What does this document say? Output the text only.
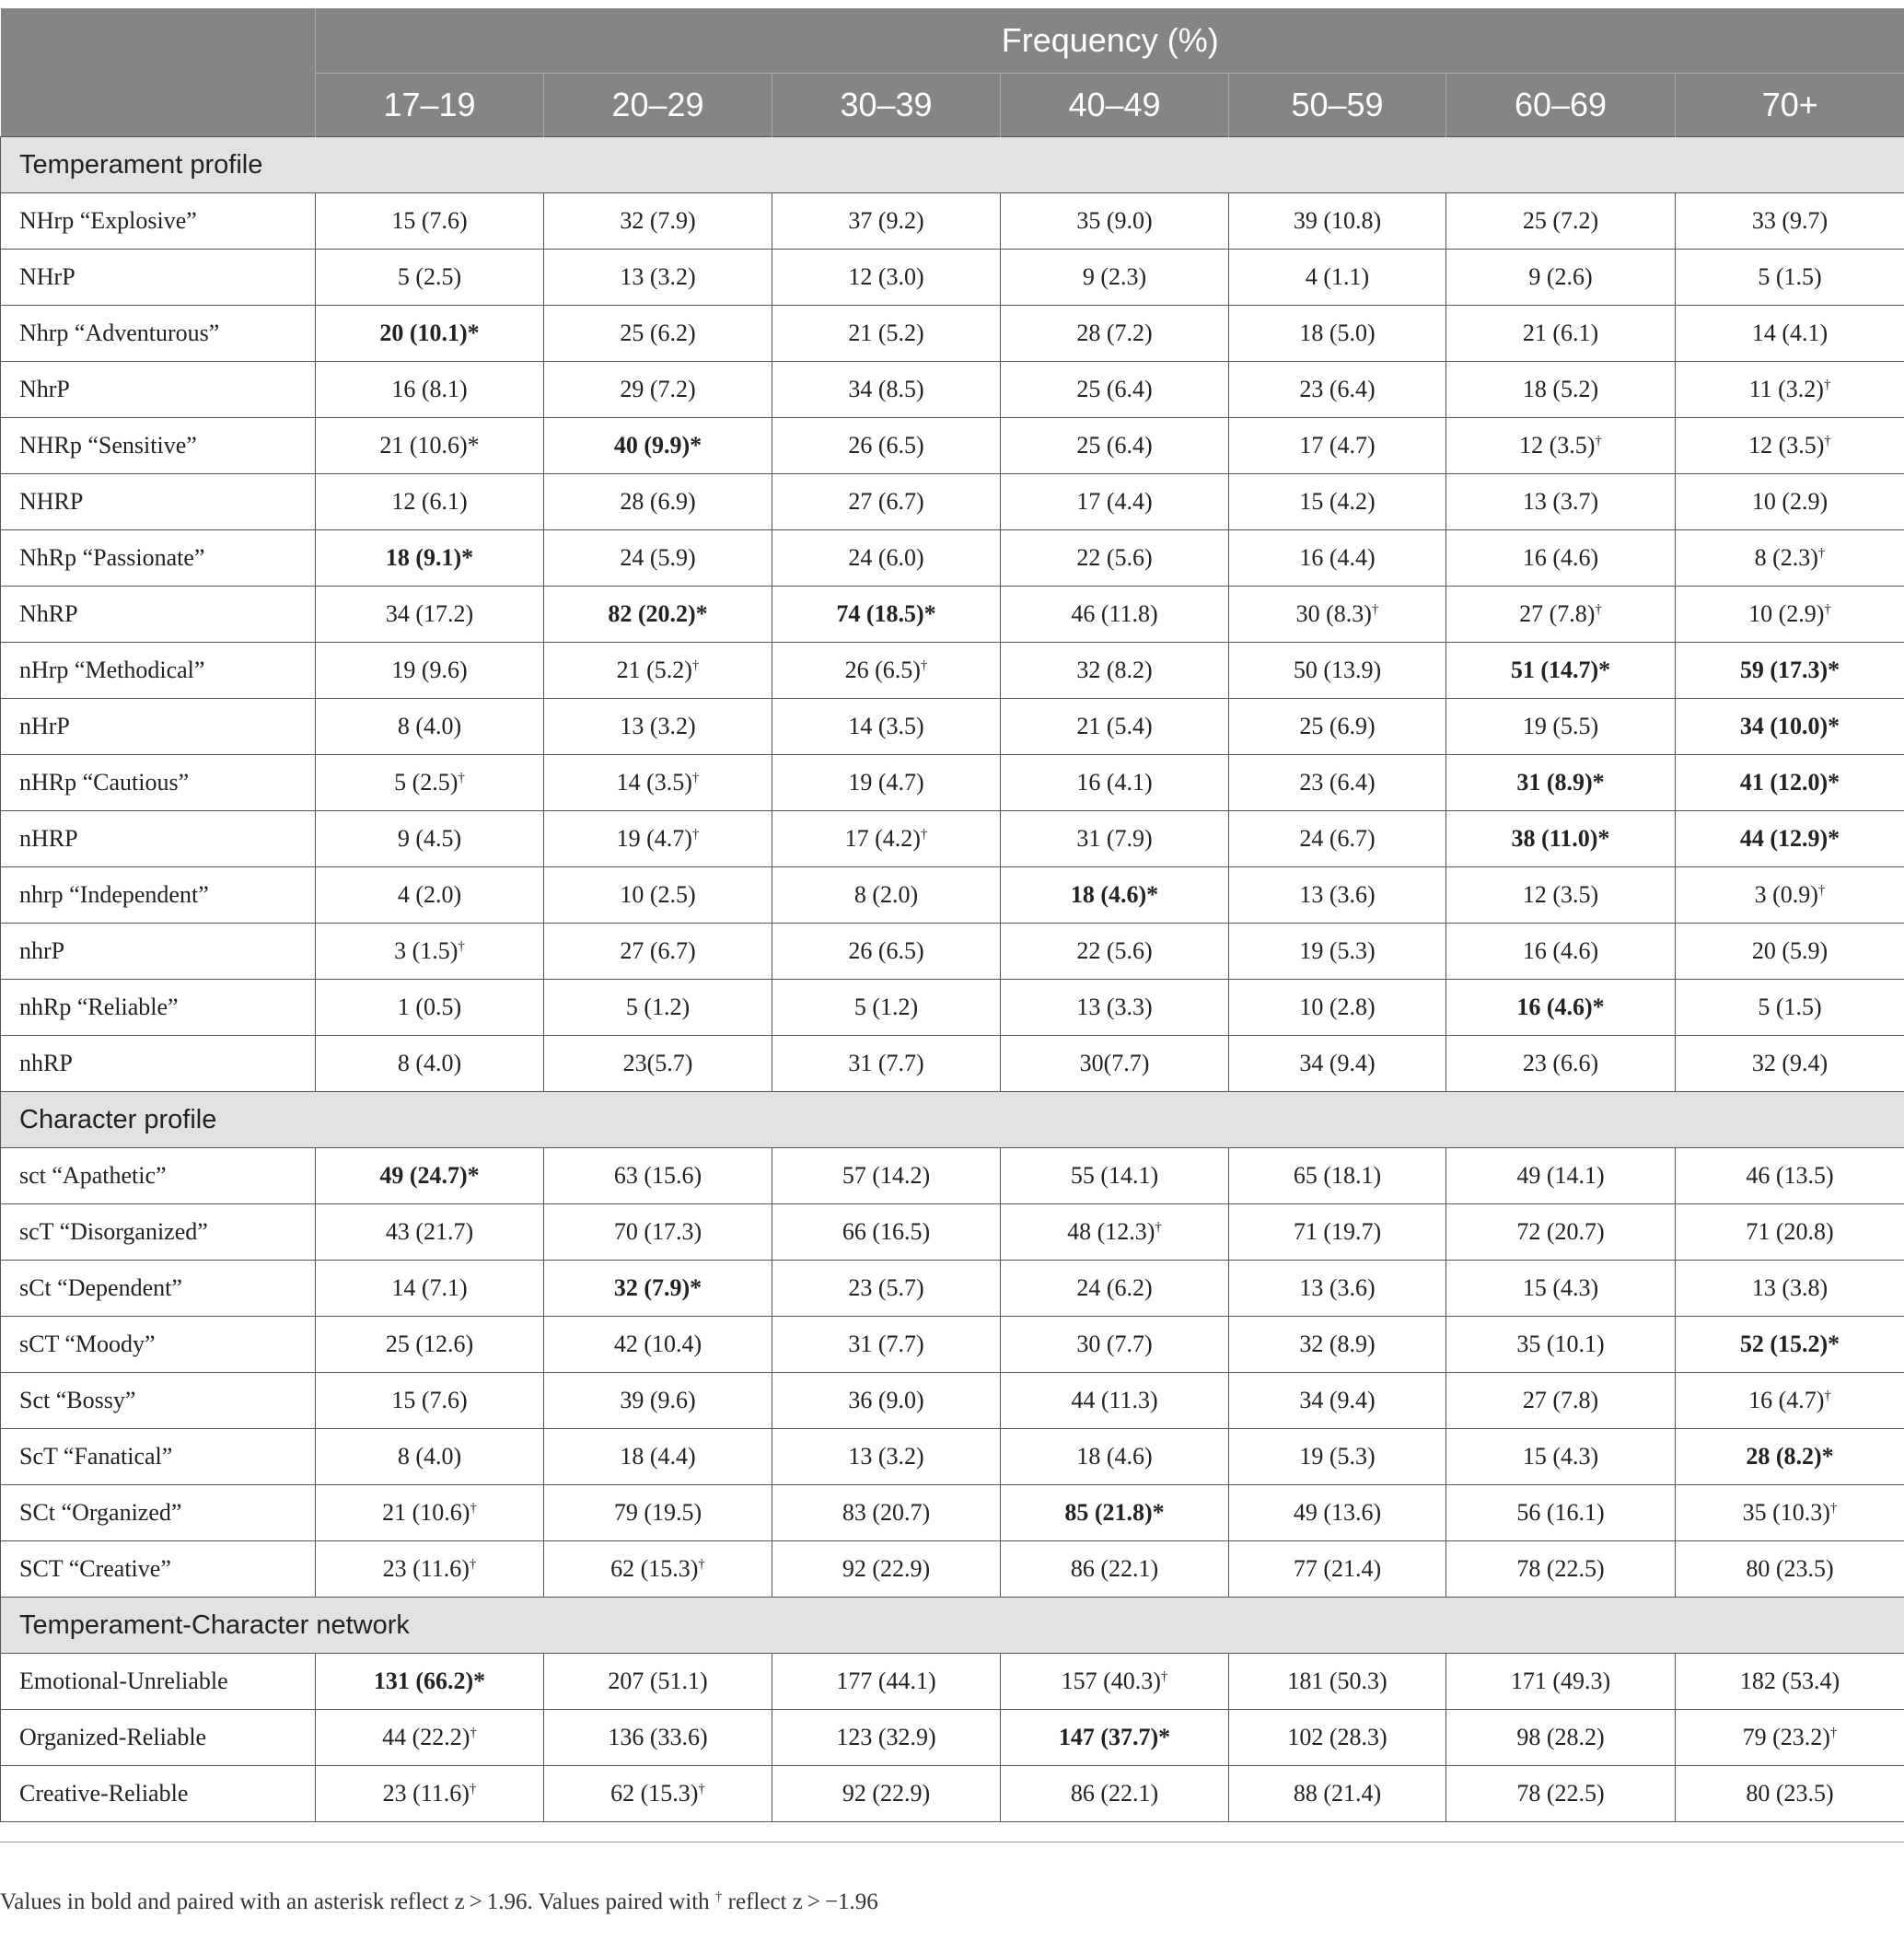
	Frequency (%)						
	17–19	20–29	30–39	40–49	50–59	60–69	70+
Temperament profile							
NHrp “Explosive”	15 (7.6)	32 (7.9)	37 (9.2)	35 (9.0)	39 (10.8)	25 (7.2)	33 (9.7)
NHrP	5 (2.5)	13 (3.2)	12 (3.0)	9 (2.3)	4 (1.1)	9 (2.6)	5 (1.5)
Nhrp “Adventurous”	20 (10.1)*	25 (6.2)	21 (5.2)	28 (7.2)	18 (5.0)	21 (6.1)	14 (4.1)
NhrP	16 (8.1)	29 (7.2)	34 (8.5)	25 (6.4)	23 (6.4)	18 (5.2)	11 (3.2)†
NHRp “Sensitive”	21 (10.6)*	40 (9.9)*	26 (6.5)	25 (6.4)	17 (4.7)	12 (3.5)†	12 (3.5)†
NHRP	12 (6.1)	28 (6.9)	27 (6.7)	17 (4.4)	15 (4.2)	13 (3.7)	10 (2.9)
NhRp “Passionate”	18 (9.1)*	24 (5.9)	24 (6.0)	22 (5.6)	16 (4.4)	16 (4.6)	8 (2.3)†
NhRP	34 (17.2)	82 (20.2)*	74 (18.5)*	46 (11.8)	30 (8.3)†	27 (7.8)†	10 (2.9)†
nHrp “Methodical”	19 (9.6)	21 (5.2)†	26 (6.5)†	32 (8.2)	50 (13.9)	51 (14.7)*	59 (17.3)*
nHrP	8 (4.0)	13 (3.2)	14 (3.5)	21 (5.4)	25 (6.9)	19 (5.5)	34 (10.0)*
nHRp “Cautious”	5 (2.5)†	14 (3.5)†	19 (4.7)	16 (4.1)	23 (6.4)	31 (8.9)*	41 (12.0)*
nHRP	9 (4.5)	19 (4.7)†	17 (4.2)†	31 (7.9)	24 (6.7)	38 (11.0)*	44 (12.9)*
nhrp “Independent”	4 (2.0)	10 (2.5)	8 (2.0)	18 (4.6)*	13 (3.6)	12 (3.5)	3 (0.9)†
nhrP	3 (1.5)†	27 (6.7)	26 (6.5)	22 (5.6)	19 (5.3)	16 (4.6)	20 (5.9)
nhRp “Reliable”	1 (0.5)	5 (1.2)	5 (1.2)	13 (3.3)	10 (2.8)	16 (4.6)*	5 (1.5)
nhRP	8 (4.0)	23(5.7)	31 (7.7)	30(7.7)	34 (9.4)	23 (6.6)	32 (9.4)
Character profile							
sct “Apathetic”	49 (24.7)*	63 (15.6)	57 (14.2)	55 (14.1)	65 (18.1)	49 (14.1)	46 (13.5)
scT “Disorganized”	43 (21.7)	70 (17.3)	66 (16.5)	48 (12.3)†	71 (19.7)	72 (20.7)	71 (20.8)
sCt “Dependent”	14 (7.1)	32 (7.9)*	23 (5.7)	24 (6.2)	13 (3.6)	15 (4.3)	13 (3.8)
sCT “Moody”	25 (12.6)	42 (10.4)	31 (7.7)	30 (7.7)	32 (8.9)	35 (10.1)	52 (15.2)*
Sct “Bossy”	15 (7.6)	39 (9.6)	36 (9.0)	44 (11.3)	34 (9.4)	27 (7.8)	16 (4.7)†
ScT “Fanatical”	8 (4.0)	18 (4.4)	13 (3.2)	18 (4.6)	19 (5.3)	15 (4.3)	28 (8.2)*
SCt “Organized”	21 (10.6)†	79 (19.5)	83 (20.7)	85 (21.8)*	49 (13.6)	56 (16.1)	35 (10.3)†
SCT “Creative”	23 (11.6)†	62 (15.3)†	92 (22.9)	86 (22.1)	77 (21.4)	78 (22.5)	80 (23.5)
Temperament-Character network							
Emotional-Unreliable	131 (66.2)*	207 (51.1)	177 (44.1)	157 (40.3)†	181 (50.3)	171 (49.3)	182 (53.4)
Organized-Reliable	44 (22.2)†	136 (33.6)	123 (32.9)	147 (37.7)*	102 (28.3)	98 (28.2)	79 (23.2)†
Creative-Reliable	23 (11.6)†	62 (15.3)†	92 (22.9)	86 (22.1)	88 (21.4)	78 (22.5)	80 (23.5)
Values in bold and paired with an asterisk reflect z > 1.96. Values paired with † reflect z > −1.96
